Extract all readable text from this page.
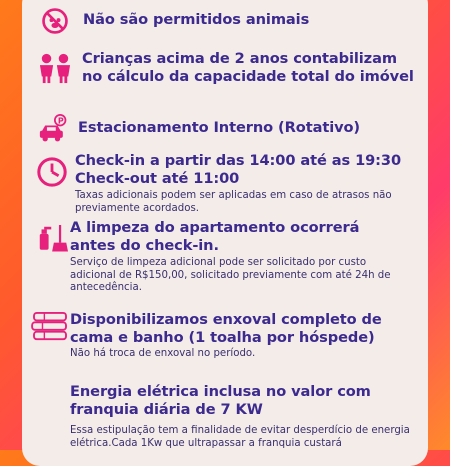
Não são permitidos animais
Crianças acima de 2 anos contabilizam no cálculo da capacidade total do imóvel
P Estacionamento Interno (Rotativo)
Check-in a partir das 14:00 até as 19:30 Check-out até 11:00
Taxas adicionais podem ser aplicadas em caso de atrasos não previamente acordados.
A limpeza do apartamento ocorrerá antes do check-in.
Serviço de limpeza adicional pode ser solicitado por custo adicional de R$150,00, solicitado previamente com até 24h de antecedência.
Disponibilizamos enxoval completo de cama e banho (1 toalha por hóspede)
Não há troca de enxoval no período.
Energia elétrica inclusa no valor com franquia diária de 7 KW
Essa estipulação tem a finalidade de evitar desperdício de energia elétrica.Cada 1Kw que ultrapassar a franquia custará
